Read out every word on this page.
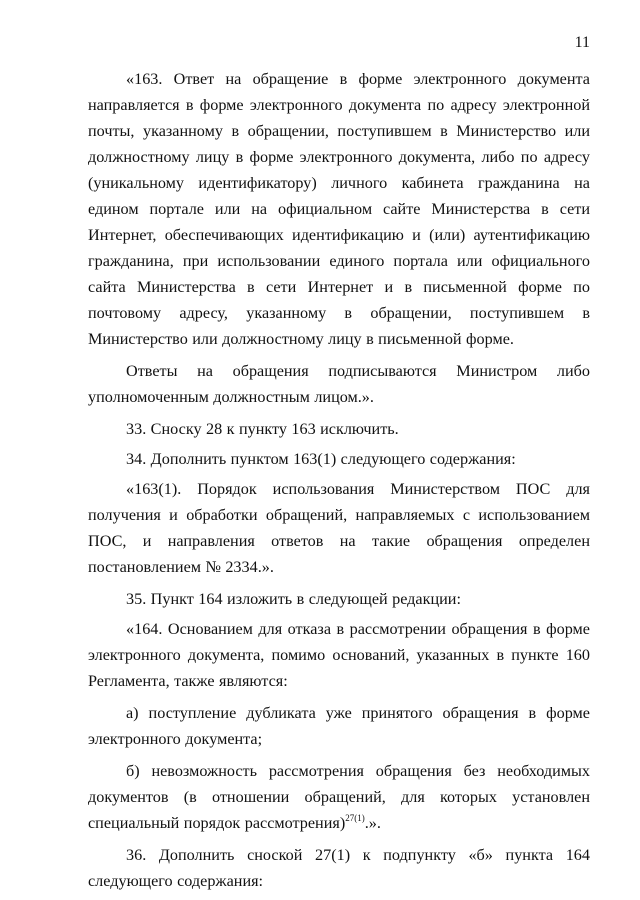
11

«163. Ответ на обращение в форме электронного документа направляется в форме электронного документа по адресу электронной почты, указанному в обращении, поступившем в Министерство или должностному лицу в форме электронного документа, либо по адресу (уникальному идентификатору) личного кабинета гражданина на едином портале или на официальном сайте Министерства в сети Интернет, обеспечивающих идентификацию и (или) аутентификацию гражданина, при использовании единого портала или официального сайта Министерства в сети Интернет и в письменной форме по почтовому адресу, указанному в обращении, поступившем в Министерство или должностному лицу в письменной форме.

Ответы на обращения подписываются Министром либо уполномоченным должностным лицом.».

33. Сноску 28 к пункту 163 исключить.

34. Дополнить пунктом 163(1) следующего содержания:

«163(1). Порядок использования Министерством ПОС для получения и обработки обращений, направляемых с использованием ПОС, и направления ответов на такие обращения определен постановлением № 2334.».

35. Пункт 164 изложить в следующей редакции:

«164. Основанием для отказа в рассмотрении обращения в форме электронного документа, помимо оснований, указанных в пункте 160 Регламента, также являются:

а) поступление дубликата уже принятого обращения в форме электронного документа;

б) невозможность рассмотрения обращения без необходимых документов (в отношении обращений, для которых установлен специальный порядок рассмотрения)$^{27(1)}$.».

36. Дополнить сноской 27(1) к подпункту «б» пункта 164 следующего содержания:
